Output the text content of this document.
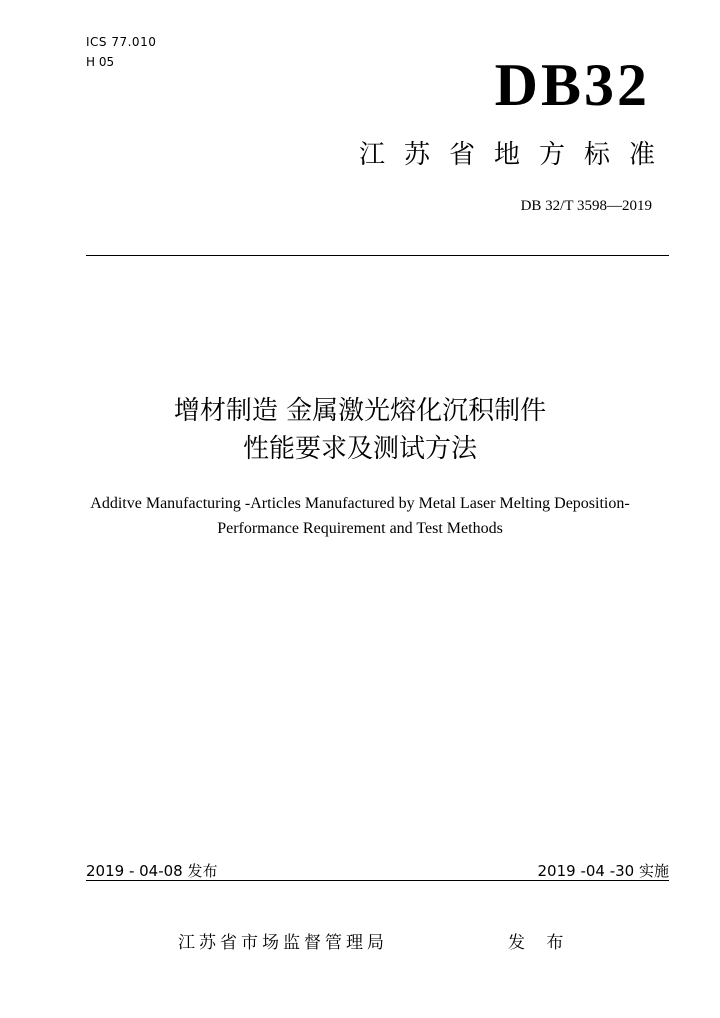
ICS 77.010
H 05	DB32
江苏省地方标准
DB 32/T 3598—2019
增材制造 金属激光熔化沉积制件
性能要求及测试方法
Additve Manufacturing -Articles Manufactured by Metal Laser Melting Deposition-
Performance Requirement and Test Methods
2019 - 04-08 发布	2019 -04 -30 实施
江苏省市场监督管理局	发 布
